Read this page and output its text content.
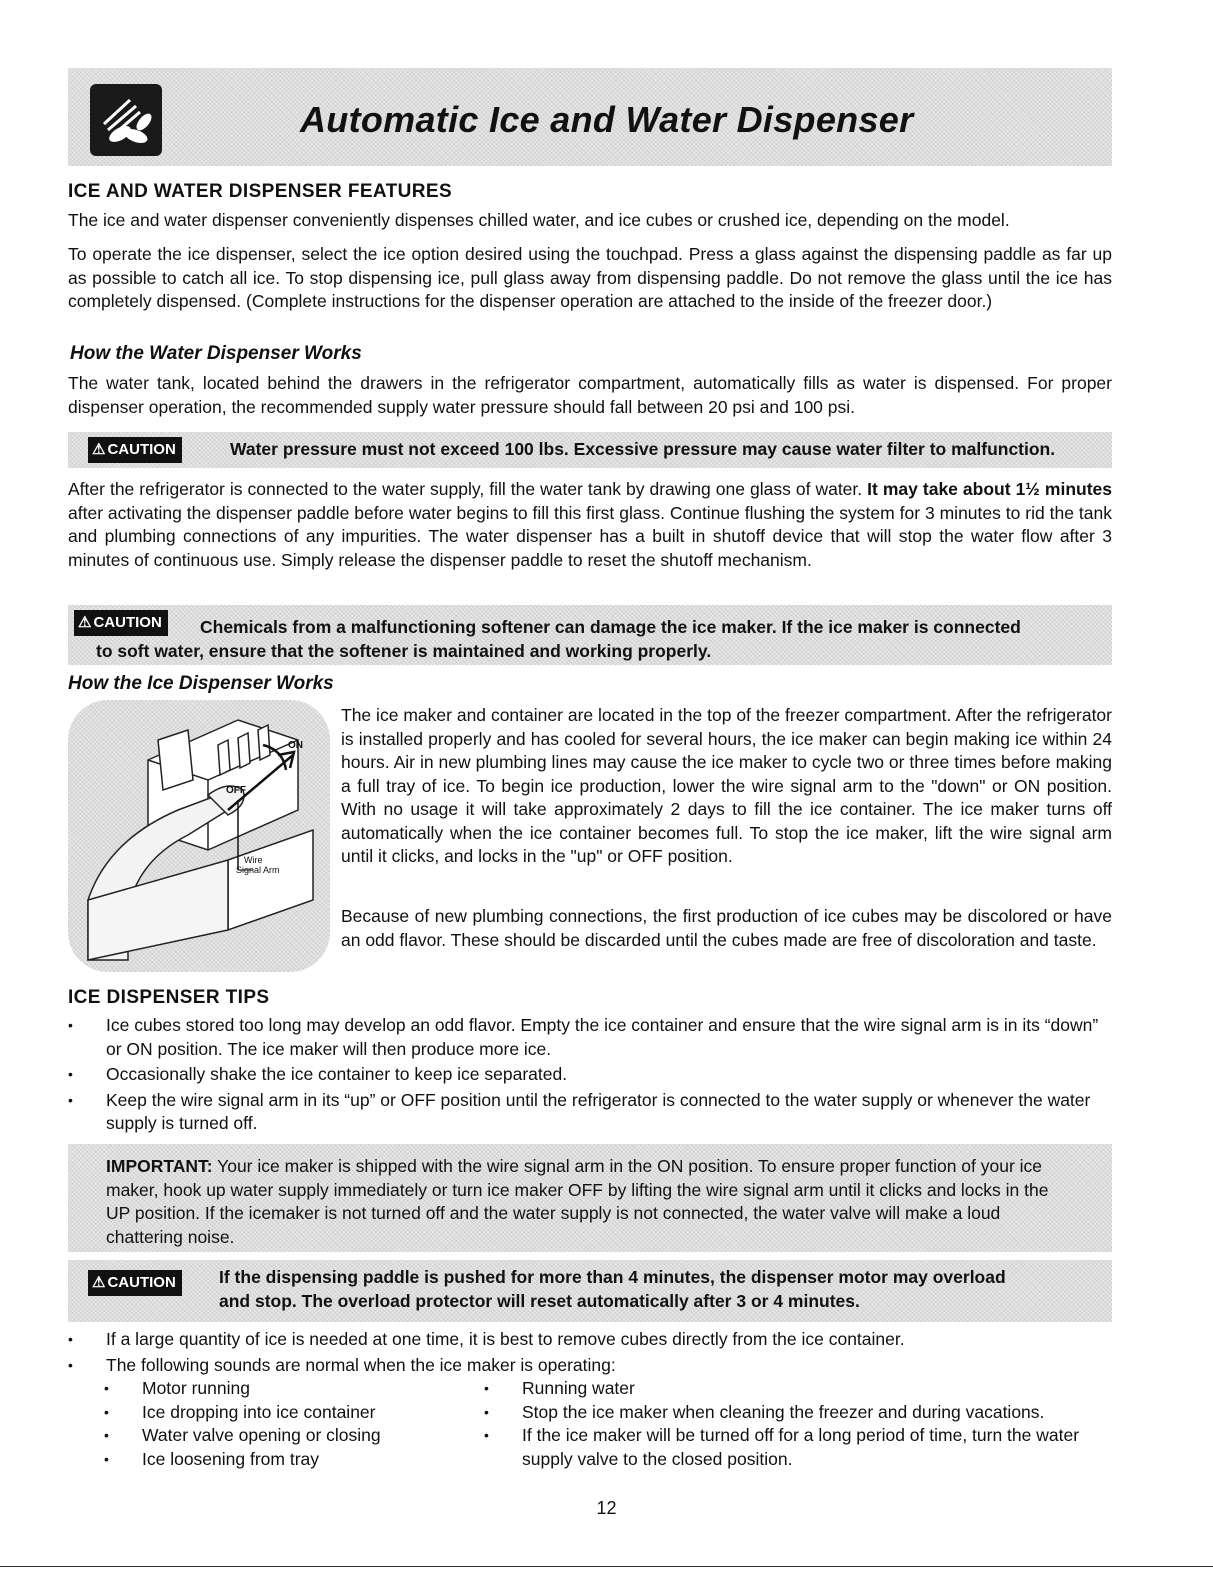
Automatic Ice and Water Dispenser
ICE AND WATER DISPENSER FEATURES
The ice and water dispenser conveniently dispenses chilled water, and ice cubes or crushed ice, depending on the model.
To operate the ice dispenser, select the ice option desired using the touchpad. Press a glass against the dispensing paddle as far up as possible to catch all ice. To stop dispensing ice, pull glass away from dispensing paddle. Do not remove the glass until the ice has completely dispensed. (Complete instructions for the dispenser operation are attached to the inside of the freezer door.)
How the Water Dispenser Works
The water tank, located behind the drawers in the refrigerator compartment, automatically fills as water is dispensed. For proper dispenser operation, the recommended supply water pressure should fall between 20 psi and 100 psi.
⚠ CAUTION	Water pressure must not exceed 100 lbs. Excessive pressure may cause water filter to malfunction.
After the refrigerator is connected to the water supply, fill the water tank by drawing one glass of water. It may take about 1½ minutes after activating the dispenser paddle before water begins to fill this first glass. Continue flushing the system for 3 minutes to rid the tank and plumbing connections of any impurities. The water dispenser has a built in shutoff device that will stop the water flow after 3 minutes of continuous use. Simply release the dispenser paddle to reset the shutoff mechanism.
⚠ CAUTION	Chemicals from a malfunctioning softener can damage the ice maker. If the ice maker is connected
to soft water, ensure that the softener is maintained and working properly.
How the Ice Dispenser Works
ON
OFF
Wire
Signal Arm
The ice maker and container are located in the top of the freezer compartment. After the refrigerator is installed properly and has cooled for several hours, the ice maker can begin making ice within 24 hours. Air in new plumbing lines may cause the ice maker to cycle two or three times before making a full tray of ice. To begin ice production, lower the wire signal arm to the "down" or ON position. With no usage it will take approximately 2 days to fill the ice container. The ice maker turns off automatically when the ice container becomes full. To stop the ice maker, lift the wire signal arm until it clicks, and locks in the "up" or OFF position.
Because of new plumbing connections, the first production of ice cubes may be discolored or have an odd flavor. These should be discarded until the cubes made are free of discoloration and taste.
ICE DISPENSER TIPS
• Ice cubes stored too long may develop an odd flavor. Empty the ice container and ensure that the wire signal arm is in its “down” or ON position. The ice maker will then produce more ice.
• Occasionally shake the ice container to keep ice separated.
• Keep the wire signal arm in its “up” or OFF position until the refrigerator is connected to the water supply or whenever the water supply is turned off.
IMPORTANT: Your ice maker is shipped with the wire signal arm in the ON position. To ensure proper function of your ice maker, hook up water supply immediately or turn ice maker OFF by lifting the wire signal arm until it clicks and locks in the UP position. If the icemaker is not turned off and the water supply is not connected, the water valve will make a loud chattering noise.
⚠ CAUTION	If the dispensing paddle is pushed for more than 4 minutes, the dispenser motor may overload
and stop. The overload protector will reset automatically after 3 or 4 minutes.
• If a large quantity of ice is needed at one time, it is best to remove cubes directly from the ice container.
• The following sounds are normal when the ice maker is operating:
• Motor running
• Ice dropping into ice container
• Water valve opening or closing
• Ice loosening from tray
• Running water
• Stop the ice maker when cleaning the freezer and during vacations.
• If the ice maker will be turned off for a long period of time, turn the water supply valve to the closed position.
12
